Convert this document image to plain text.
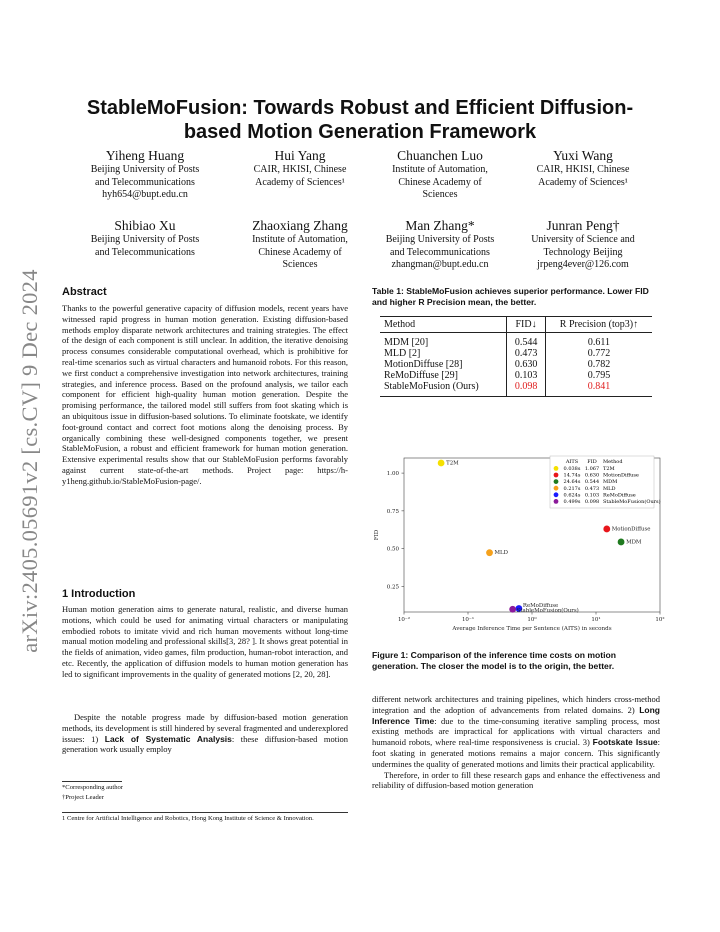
arXiv:2405.05691v2 [cs.CV] 9 Dec 2024
StableMoFusion: Towards Robust and Efficient Diffusion-based Motion Generation Framework
Yiheng Huang
Beijing University of Posts
and Telecommunications
hyh654@bupt.edu.cn
Hui Yang
CAIR, HKISI, Chinese
Academy of Sciences¹
Chuanchen Luo
Institute of Automation,
Chinese Academy of
Sciences
Yuxi Wang
CAIR, HKISI, Chinese
Academy of Sciences¹
Shibiao Xu
Beijing University of Posts
and Telecommunications
Zhaoxiang Zhang
Institute of Automation,
Chinese Academy of
Sciences
Man Zhang*
Beijing University of Posts
and Telecommunications
zhangman@bupt.edu.cn
Junran Peng†
University of Science and
Technology Beijing
jrpeng4ever@126.com
Abstract
Thanks to the powerful generative capacity of diffusion models, recent years have witnessed rapid progress in human motion generation. Existing diffusion-based methods employ disparate network architectures and training strategies. The effect of the design of each component is still unclear. In addition, the iterative denoising process consumes considerable computational overhead, which is prohibitive for real-time scenarios such as virtual characters and humanoid robots. For this reason, we first conduct a comprehensive investigation into network architectures, training strategies, and inference process. Based on the profound analysis, we tailor each component for efficient high-quality human motion generation. Despite the promising performance, the tailored model still suffers from foot skating which is an ubiquitous issue in diffusion-based solutions. To eliminate footskate, we identify foot-ground contact and correct foot motions along the denoising process. By organically combining these well-designed components together, we present StableMoFusion, a robust and efficient framework for human motion generation. Extensive experimental results show that our StableMoFusion performs favorably against current state-of-the-art methods. Project page: https://h-y1heng.github.io/StableMoFusion-page/.
1 Introduction
Human motion generation aims to generate natural, realistic, and diverse human motions, which could be used for animating virtual characters or manipulating embodied robots to imitate vivid and rich human movements without long-time manual motion modeling and professional skills[3, 28? ]. It shows great potential in the fields of animation, video games, film production, human-robot interaction, and etc. Recently, the application of diffusion models to human motion generation has led to significant improvements in the quality of generated motions [2, 20, 28].
Despite the notable progress made by diffusion-based motion generation methods, its development is still hindered by several fragmented and underexplored issues: 1) Lack of Systematic Analysis: these diffusion-based motion generation work usually employ
*Corresponding author
†Project Leader
1 Centre for Artificial Intelligence and Robotics, Hong Kong Institute of Science & Innovation.
Table 1: StableMoFusion achieves superior performance. Lower FID and higher R Precision mean, the better.
Method	FID↓	R Precision (top3)↑
MDM [20]	0.544	0.611
MLD [2]	0.473	0.772
MotionDiffuse [28]	0.630	0.782
ReMoDiffuse [29]	0.103	0.795
StableMoFusion (Ours)	0.098	0.841
10⁻²	10⁻¹	10⁰	10¹	10²
0.25
0.50
0.75
1.00
Average Inference Time per Sentence (AITS) in seconds
FID
T2M
MotionDiffuse
MDM
MLD
ReMoDiffuse
StableMoFusion(Ours)
AITS FID Method
0.038s 1.067 T2M
14.74s 0.630 MotionDiffuse
24.64s 0.544 MDM
0.217s 0.473 MLD
0.624s 0.103 ReMoDiffuse
0.499s 0.098 StableMoFusion(Ours)
Figure 1: Comparison of the inference time costs on motion generation. The closer the model is to the origin, the better.
different network architectures and training pipelines, which hinders cross-method integration and the adoption of advancements from related domains. 2) Long Inference Time: due to the time-consuming iterative sampling process, most existing methods are impractical for applications with virtual characters and humanoid robots, where real-time responsiveness is crucial. 3) Footskate Issue: foot skating in generated motions remains a major concern. This significantly undermines the quality of generated motions and limits their practical applicability.
Therefore, in order to fill these research gaps and enhance the effectiveness and reliability of diffusion-based motion generation
